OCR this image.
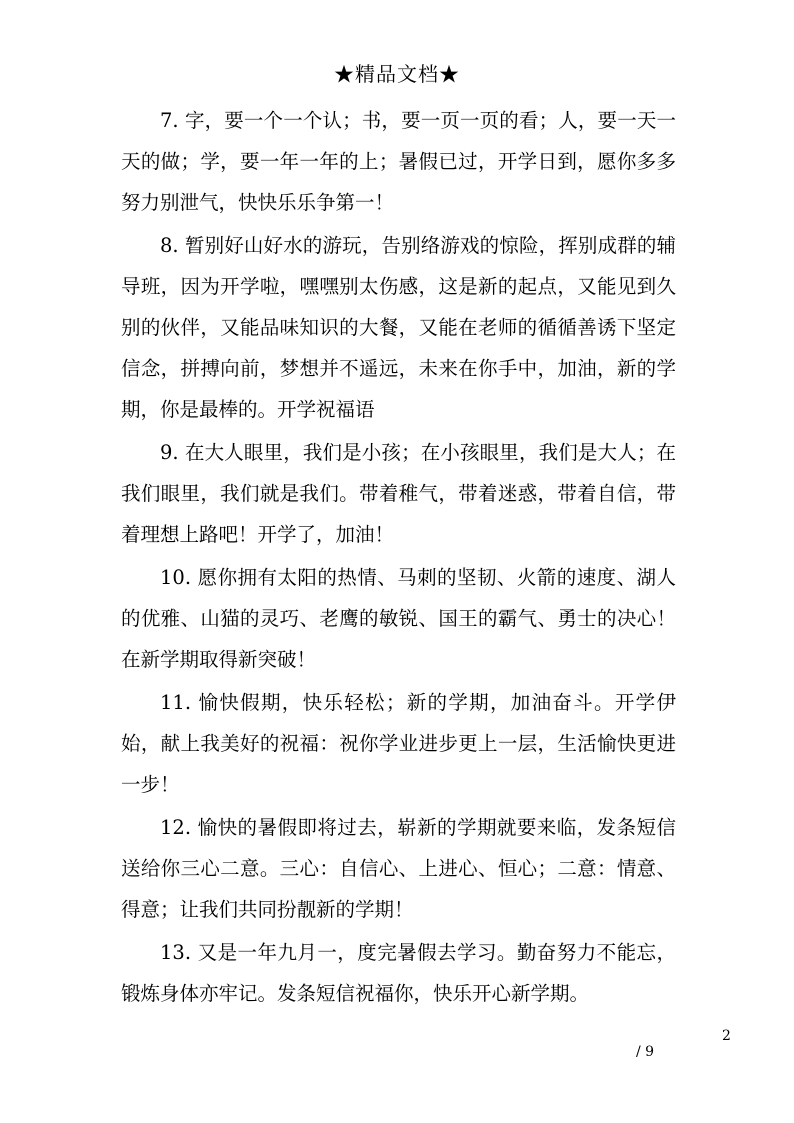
★精品文档★

7. 字，要一个一个认；书，要一页一页的看；人，要一天一天的做；学，要一年一年的上；暑假已过，开学日到，愿你多多努力别泄气，快快乐乐争第一！

8. 暂别好山好水的游玩，告别络游戏的惊险，挥别成群的辅导班，因为开学啦，嘿嘿别太伤感，这是新的起点，又能见到久别的伙伴，又能品味知识的大餐，又能在老师的循循善诱下坚定信念，拼搏向前，梦想并不遥远，未来在你手中，加油，新的学期，你是最棒的。开学祝福语

9. 在大人眼里，我们是小孩；在小孩眼里，我们是大人；在我们眼里，我们就是我们。带着稚气，带着迷惑，带着自信，带着理想上路吧！开学了，加油！

10. 愿你拥有太阳的热情、马刺的坚韧、火箭的速度、湖人的优雅、山猫的灵巧、老鹰的敏锐、国王的霸气、勇士的决心！在新学期取得新突破！

11. 愉快假期，快乐轻松；新的学期，加油奋斗。开学伊始，献上我美好的祝福：祝你学业进步更上一层，生活愉快更进一步！

12. 愉快的暑假即将过去，崭新的学期就要来临，发条短信送给你三心二意。三心：自信心、上进心、恒心；二意：情意、得意；让我们共同扮靓新的学期！

13. 又是一年九月一，度完暑假去学习。勤奋努力不能忘，锻炼身体亦牢记。发条短信祝福你，快乐开心新学期。

2
/ 9
